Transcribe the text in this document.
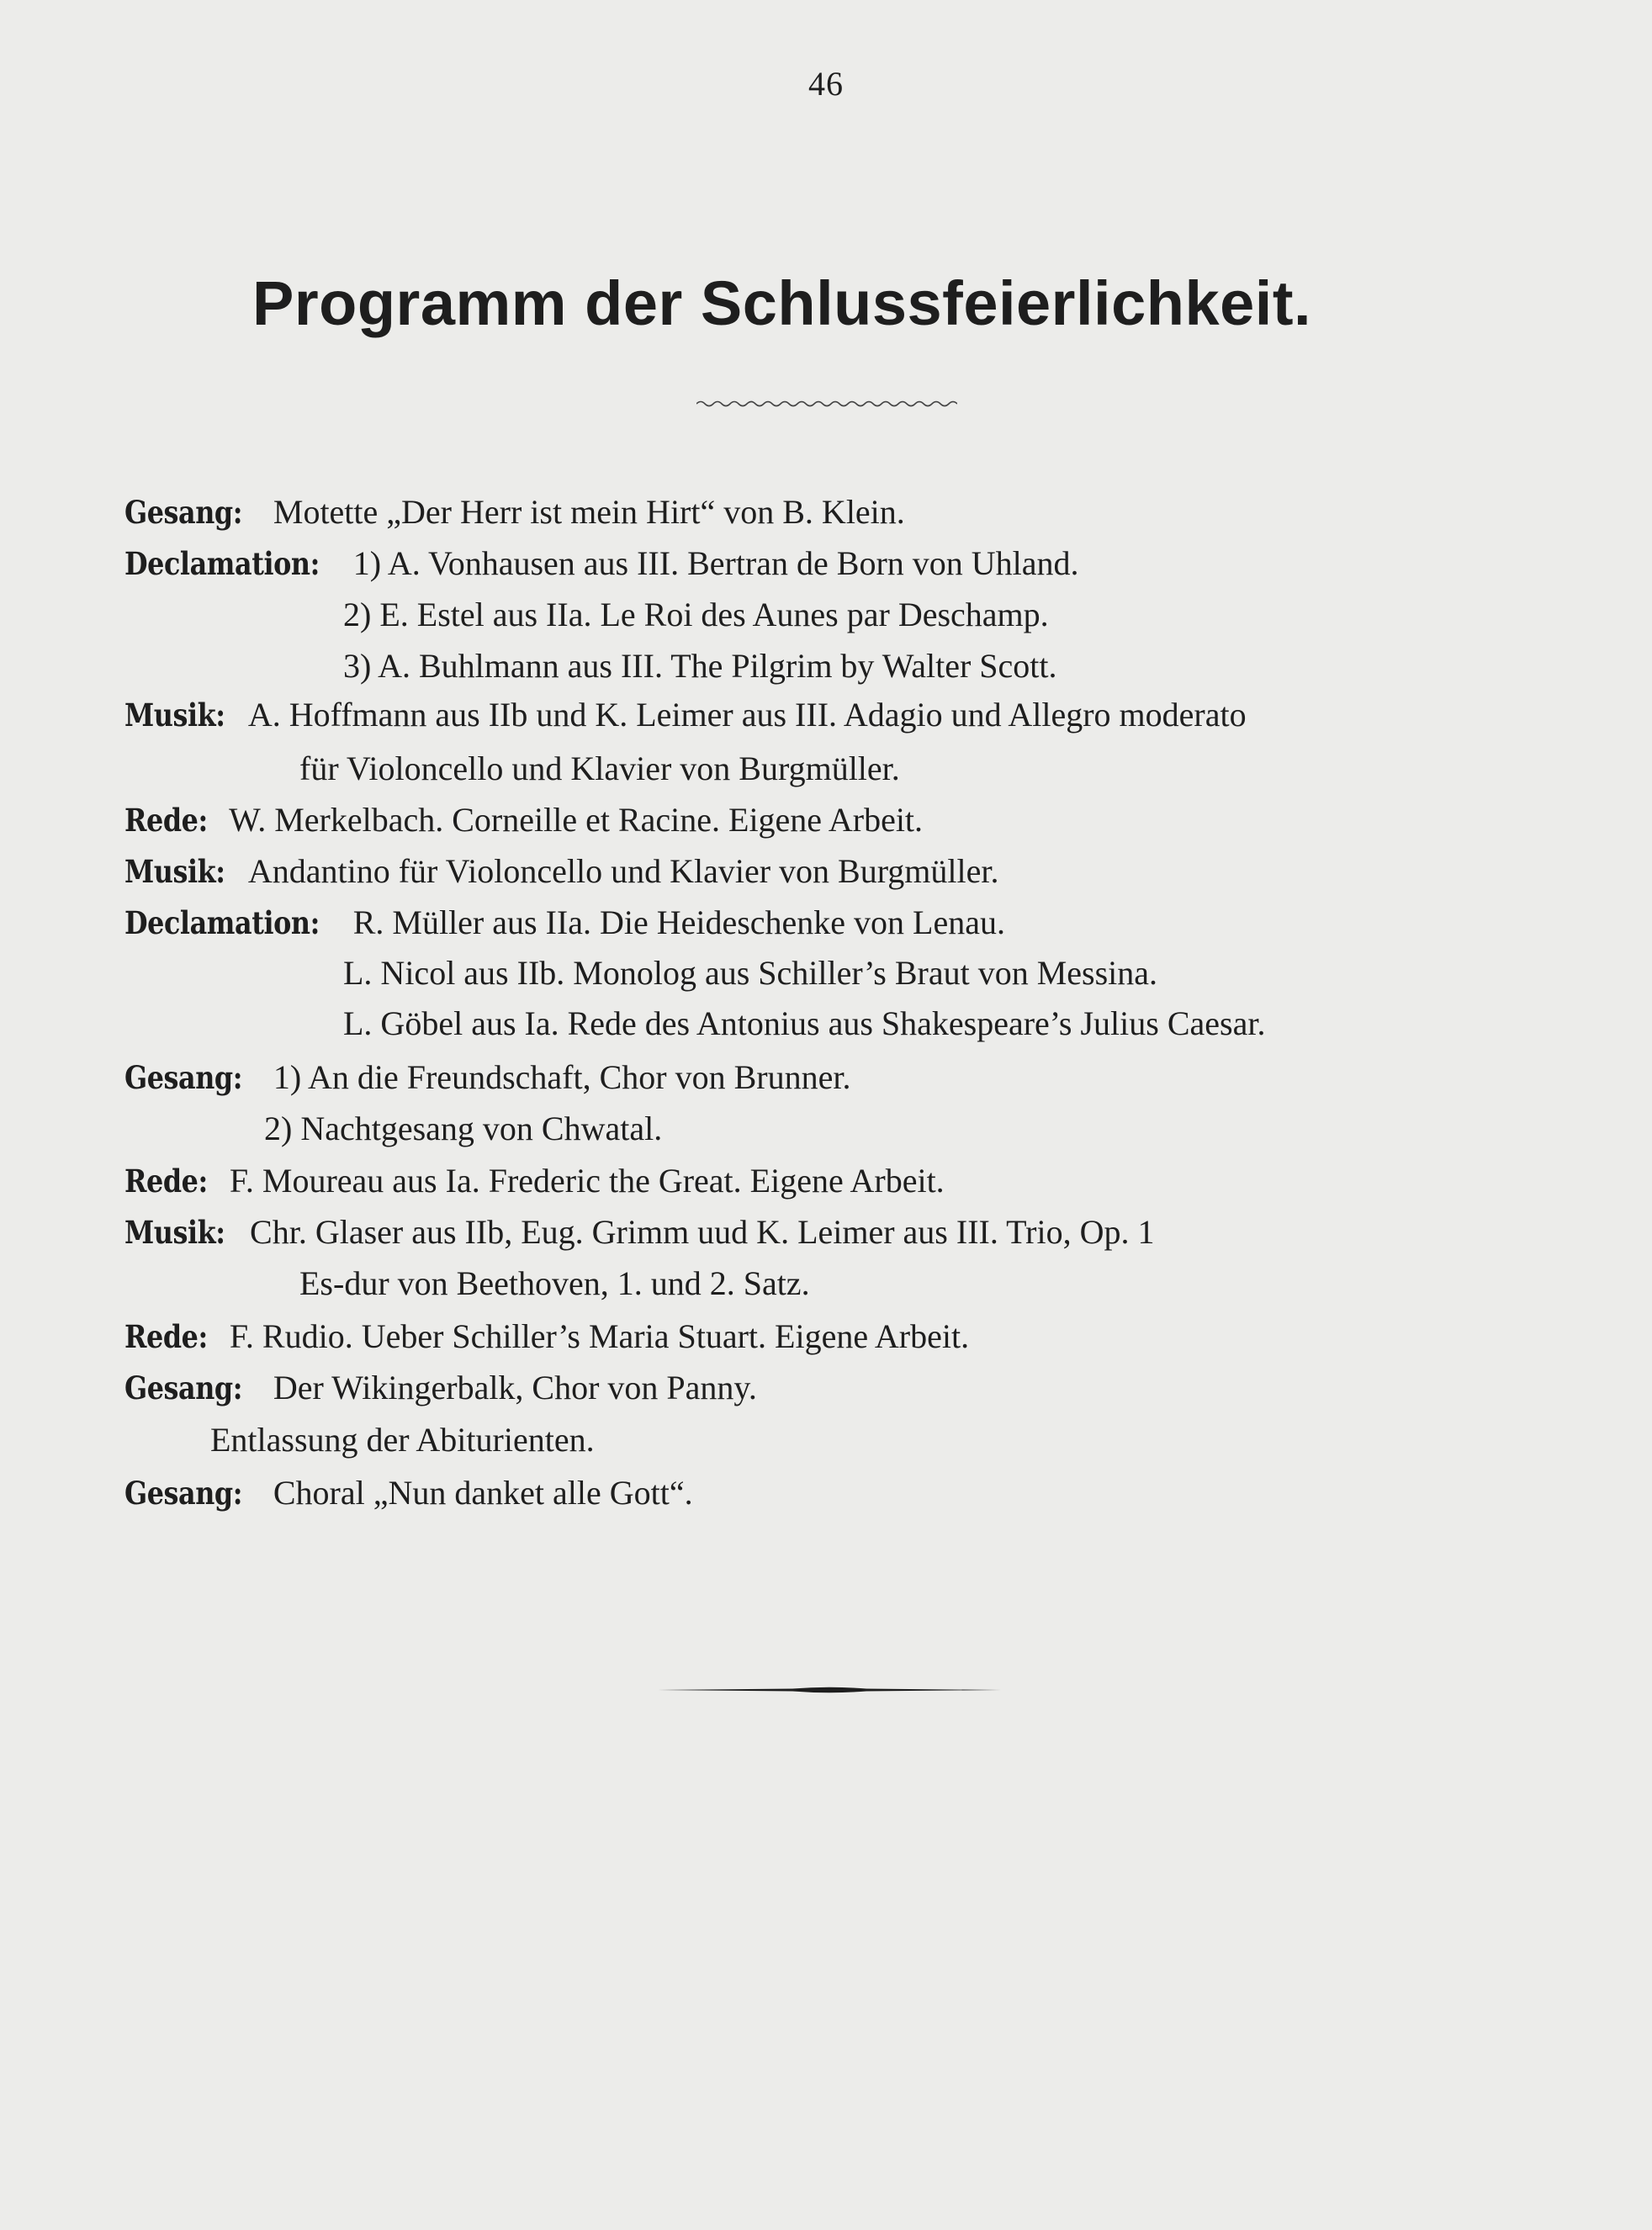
46
Programm der Schlussfeierlichkeit.
Gesang: Motette „Der Herr ist mein Hirt“ von B. Klein.
Declamation: 1) A. Vonhausen aus III. Bertran de Born von Uhland.
2) E. Estel aus IIa. Le Roi des Aunes par Deschamp.
3) A. Buhlmann aus III. The Pilgrim by Walter Scott.
Musik: A. Hoffmann aus IIb und K. Leimer aus III. Adagio und Allegro moderato
für Violoncello und Klavier von Burgmüller.
Rede: W. Merkelbach. Corneille et Racine. Eigene Arbeit.
Musik: Andantino für Violoncello und Klavier von Burgmüller.
Declamation: R. Müller aus IIa. Die Heideschenke von Lenau.
L. Nicol aus IIb. Monolog aus Schiller’s Braut von Messina.
L. Göbel aus Ia. Rede des Antonius aus Shakespeare’s Julius Caesar.
Gesang: 1) An die Freundschaft, Chor von Brunner.
2) Nachtgesang von Chwatal.
Rede: F. Moureau aus Ia. Frederic the Great. Eigene Arbeit.
Musik: Chr. Glaser aus IIb, Eug. Grimm uud K. Leimer aus III. Trio, Op. 1
Es-dur von Beethoven, 1. und 2. Satz.
Rede: F. Rudio. Ueber Schiller’s Maria Stuart. Eigene Arbeit.
Gesang: Der Wikingerbalk, Chor von Panny.
Entlassung der Abiturienten.
Gesang: Choral „Nun danket alle Gott“.
